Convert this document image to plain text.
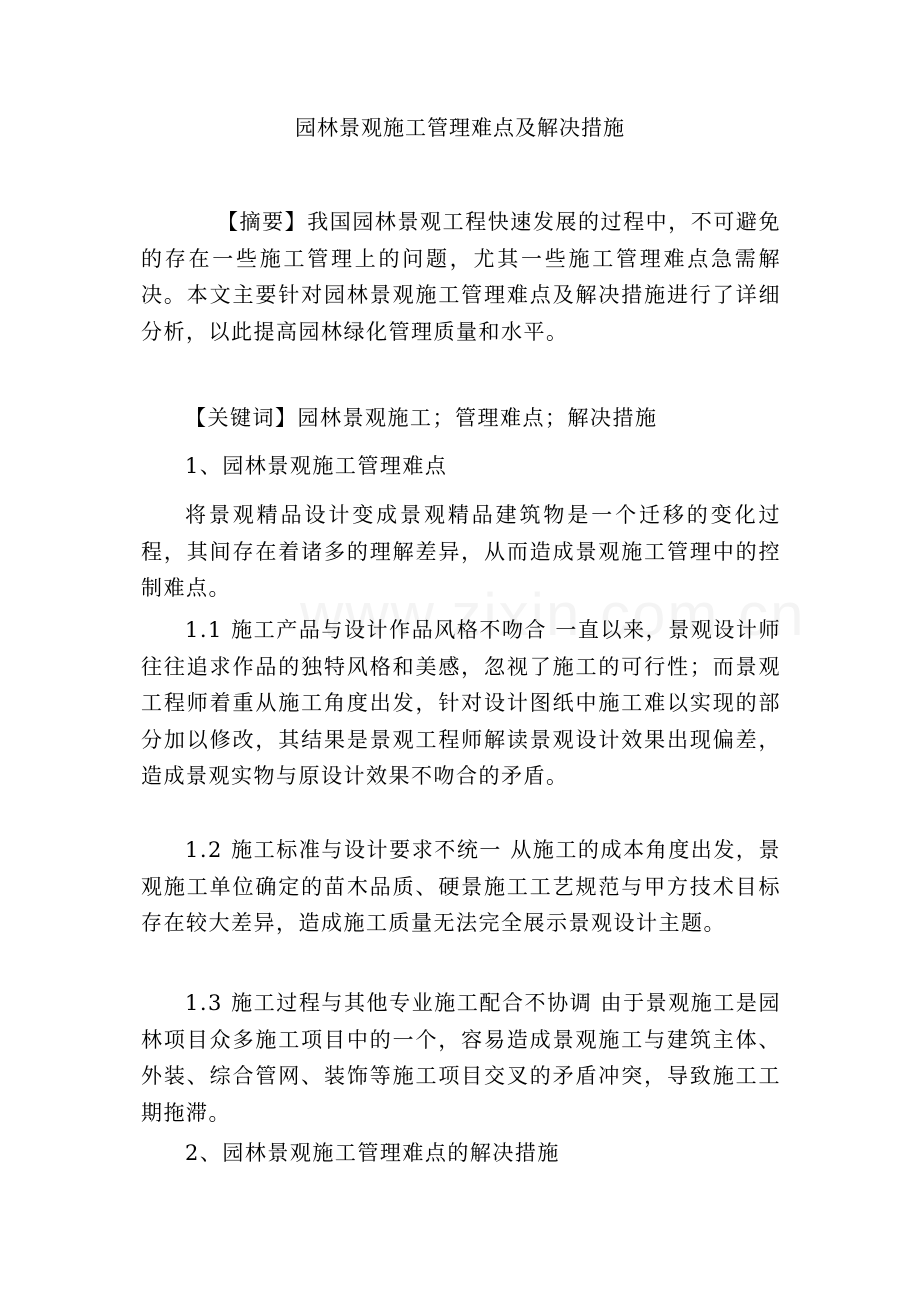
园林景观施工管理难点及解决措施

【摘要】我国园林景观工程快速发展的过程中，不可避免的存在一些施工管理上的问题，尤其一些施工管理难点急需解决。本文主要针对园林景观施工管理难点及解决措施进行了详细分析，以此提高园林绿化管理质量和水平。

【关键词】园林景观施工；管理难点；解决措施

1、园林景观施工管理难点

将景观精品设计变成景观精品建筑物是一个迁移的变化过程，其间存在着诸多的理解差异，从而造成景观施工管理中的控制难点。

1.1 施工产品与设计作品风格不吻合 一直以来，景观设计师往往追求作品的独特风格和美感，忽视了施工的可行性；而景观工程师着重从施工角度出发，针对设计图纸中施工难以实现的部分加以修改，其结果是景观工程师解读景观设计效果出现偏差，造成景观实物与原设计效果不吻合的矛盾。

1.2 施工标准与设计要求不统一 从施工的成本角度出发，景观施工单位确定的苗木品质、硬景施工工艺规范与甲方技术目标存在较大差异，造成施工质量无法完全展示景观设计主题。

1.3 施工过程与其他专业施工配合不协调 由于景观施工是园林项目众多施工项目中的一个，容易造成景观施工与建筑主体、外装、综合管网、装饰等施工项目交叉的矛盾冲突，导致施工工期拖滞。

2、园林景观施工管理难点的解决措施
